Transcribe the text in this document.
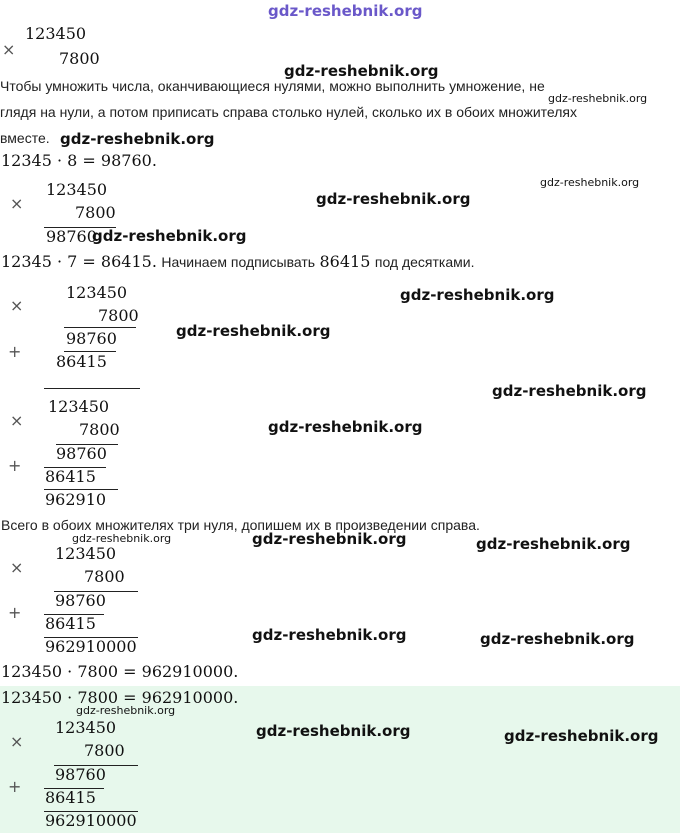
gdz-reshebnik.org
×
123450
7800
Чтобы умножить числа, оканчивающиеся нулями, можно выполнить умножение, не
глядя на нули, а потом приписать справа столько нулей, сколько их в обоих множителях
вместе.
12345 · 8 = 98760.
×
123450
7800
98760
12345 · 7 = 86415. Начинаем подписывать 86415 под десятками.
×
123450
7800
98760
+
86415
×
123450
7800
98760
+
86415
962910
Всего в обоих множителях три нуля, допишем их в произведении справа.
×
123450
7800
98760
+
86415
962910000
123450 · 7800 = 962910000.
123450 · 7800 = 962910000.
×
123450
7800
98760
+
86415
962910000
gdz-reshebnik.org
gdz-reshebnik.org
gdz-reshebnik.org
gdz-reshebnik.org
gdz-reshebnik.org
gdz-reshebnik.org
gdz-reshebnik.org
gdz-reshebnik.org
gdz-reshebnik.org
gdz-reshebnik.org
gdz-reshebnik.org	gdz-reshebnik.org	gdz-reshebnik.org
gdz-reshebnik.org	gdz-reshebnik.org
gdz-reshebnik.org
gdz-reshebnik.org	gdz-reshebnik.org
